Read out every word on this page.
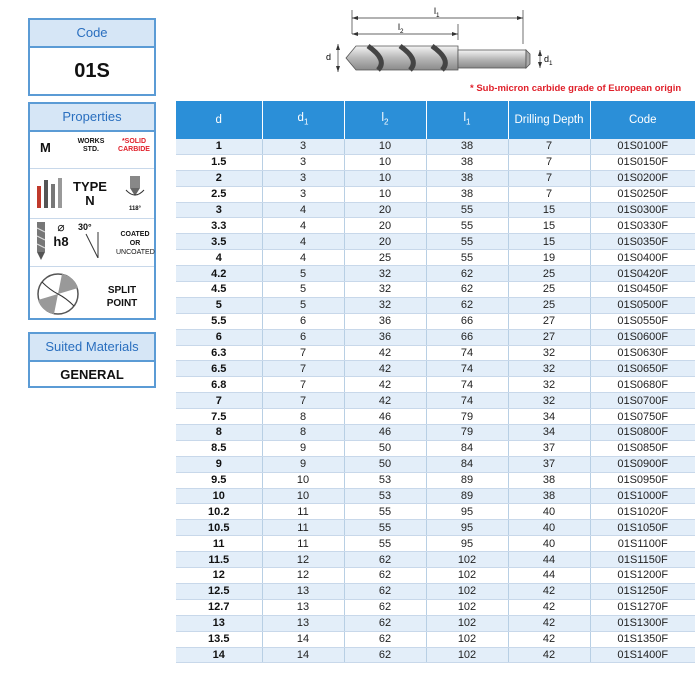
Code
01S
Properties
M	WORKS STD.
*SOLID CARBIDE
TYPE
N
118°
⌀
h8
30°
COATED
OR
UNCOATED
SPLIT
POINT
Suited Materials
GENERAL
$l_1$
$l_2$
d	$d_1$
* Sub-micron carbide grade of European origin
d	$d_1$	$l_2$	$l_1$	Drilling Depth	Code
1	3	10	38	7	01S0100F
1.5	3	10	38	7	01S0150F
2	3	10	38	7	01S0200F
2.5	3	10	38	7	01S0250F
3	4	20	55	15	01S0300F
3.3	4	20	55	15	01S0330F
3.5	4	20	55	15	01S0350F
4	4	25	55	19	01S0400F
4.2	5	32	62	25	01S0420F
4.5	5	32	62	25	01S0450F
5	5	32	62	25	01S0500F
5.5	6	36	66	27	01S0550F
6	6	36	66	27	01S0600F
6.3	7	42	74	32	01S0630F
6.5	7	42	74	32	01S0650F
6.8	7	42	74	32	01S0680F
7	7	42	74	32	01S0700F
7.5	8	46	79	34	01S0750F
8	8	46	79	34	01S0800F
8.5	9	50	84	37	01S0850F
9	9	50	84	37	01S0900F
9.5	10	53	89	38	01S0950F
10	10	53	89	38	01S1000F
10.2	11	55	95	40	01S1020F
10.5	11	55	95	40	01S1050F
11	11	55	95	40	01S1100F
11.5	12	62	102	44	01S1150F
12	12	62	102	44	01S1200F
12.5	13	62	102	42	01S1250F
12.7	13	62	102	42	01S1270F
13	13	62	102	42	01S1300F
13.5	14	62	102	42	01S1350F
14	14	62	102	42	01S1400F
